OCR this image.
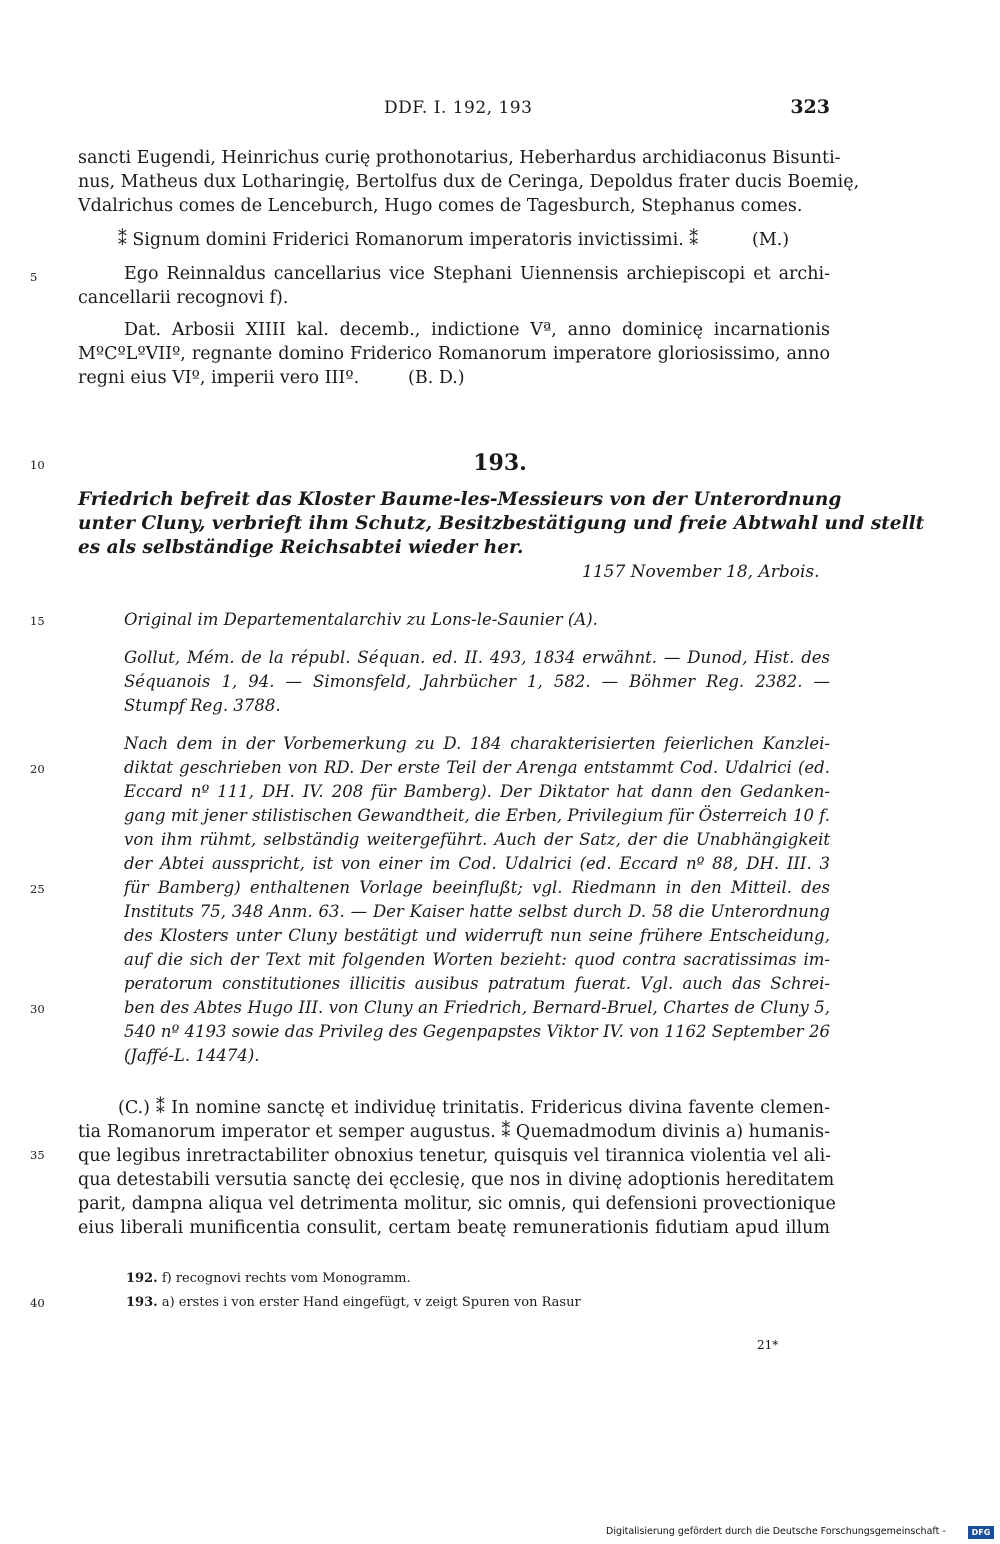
DDF. I. 192, 193	323
sancti Eugendi, Heinrichus curię prothonotarius, Heberhardus archidiaconus Bisunti-
nus, Matheus dux Lotharingię, Bertolfus dux de Ceringa, Depoldus frater ducis Boemię,
Vdalrichus comes de Lenceburch, Hugo comes de Tagesburch, Stephanus comes.
⁑ Signum domini Friderici Romanorum imperatoris invictissimi. ⁑	(M.)
Ego Reinnaldus cancellarius vice Stephani Uiennensis archiepiscopi et archi-
cancellarii recognovi f).
Dat. Arbosii XIIII kal. decemb., indictione Vª, anno dominicę incarnationis
MºCºLºVIIº, regnante domino Friderico Romanorum imperatore gloriosissimo, anno
regni eius VIº, imperii vero IIIº.	(B. D.)
193.
Friedrich befreit das Kloster Baume-les-Messieurs von der Unterordnung
unter Cluny, verbrieft ihm Schutz, Besitzbestätigung und freie Abtwahl und stellt
es als selbständige Reichsabtei wieder her.
1157 November 18, Arbois.
Original im Departementalarchiv zu Lons-le-Saunier (A).
Gollut, Mém. de la républ. Séquan. ed. II. 493, 1834 erwähnt. — Dunod, Hist. des
Séquanois 1, 94. — Simonsfeld, Jahrbücher 1, 582. — Böhmer Reg. 2382. —
Stumpf Reg. 3788.
Nach dem in der Vorbemerkung zu D. 184 charakterisierten feierlichen Kanzlei-
diktat geschrieben von RD. Der erste Teil der Arenga entstammt Cod. Udalrici (ed.
Eccard nº 111, DH. IV. 208 für Bamberg). Der Diktator hat dann den Gedanken-
gang mit jener stilistischen Gewandtheit, die Erben, Privilegium für Österreich 10 f.
von ihm rühmt, selbständig weitergeführt. Auch der Satz, der die Unabhängigkeit
der Abtei ausspricht, ist von einer im Cod. Udalrici (ed. Eccard nº 88, DH. III. 3
für Bamberg) enthaltenen Vorlage beeinflußt; vgl. Riedmann in den Mitteil. des
Instituts 75, 348 Anm. 63. — Der Kaiser hatte selbst durch D. 58 die Unterordnung
des Klosters unter Cluny bestätigt und widerruft nun seine frühere Entscheidung,
auf die sich der Text mit folgenden Worten bezieht: quod contra sacratissimas im-
peratorum constitutiones illicitis ausibus patratum fuerat. Vgl. auch das Schrei-
ben des Abtes Hugo III. von Cluny an Friedrich, Bernard-Bruel, Chartes de Cluny 5,
540 nº 4193 sowie das Privileg des Gegenpapstes Viktor IV. von 1162 September 26
(Jaffé-L. 14474).
(C.) ⁑ In nomine sanctę et individuę trinitatis. Fridericus divina favente clemen-
tia Romanorum imperator et semper augustus. ⁑ Quemadmodum divinis a) humanis-
que legibus inretractabiliter obnoxius tenetur, quisquis vel tirannica violentia vel ali-
qua detestabili versutia sanctę dei ęcclesię, que nos in divinę adoptionis hereditatem
parit, dampna aliqua vel detrimenta molitur, sic omnis, qui defensioni provectionique
eius liberali munificentia consulit, certam beatę remunerationis fidutiam apud illum
192. f) recognovi rechts vom Monogramm.
193. a) erstes i von erster Hand eingefügt, v zeigt Spuren von Rasur
5
10
15
20
25
30
35
40
21*
Digitalisierung gefördert durch die Deutsche Forschungsgemeinschaft -	DFG
